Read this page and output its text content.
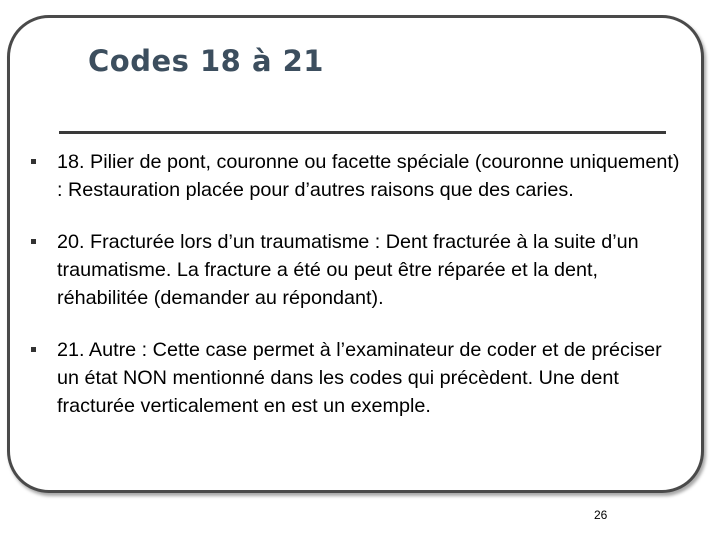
Codes 18 à 21
18. Pilier de pont, couronne ou facette spéciale (couronne uniquement) : Restauration placée pour d’autres raisons que des caries.
20. Fracturée lors d’un traumatisme : Dent fracturée à la suite d’un traumatisme. La fracture a été ou peut être réparée et la dent, réhabilitée (demander au répondant).
21. Autre : Cette case permet à l’examinateur de coder et de préciser un état NON mentionné dans les codes qui précèdent. Une dent fracturée verticalement en est un exemple.
26
